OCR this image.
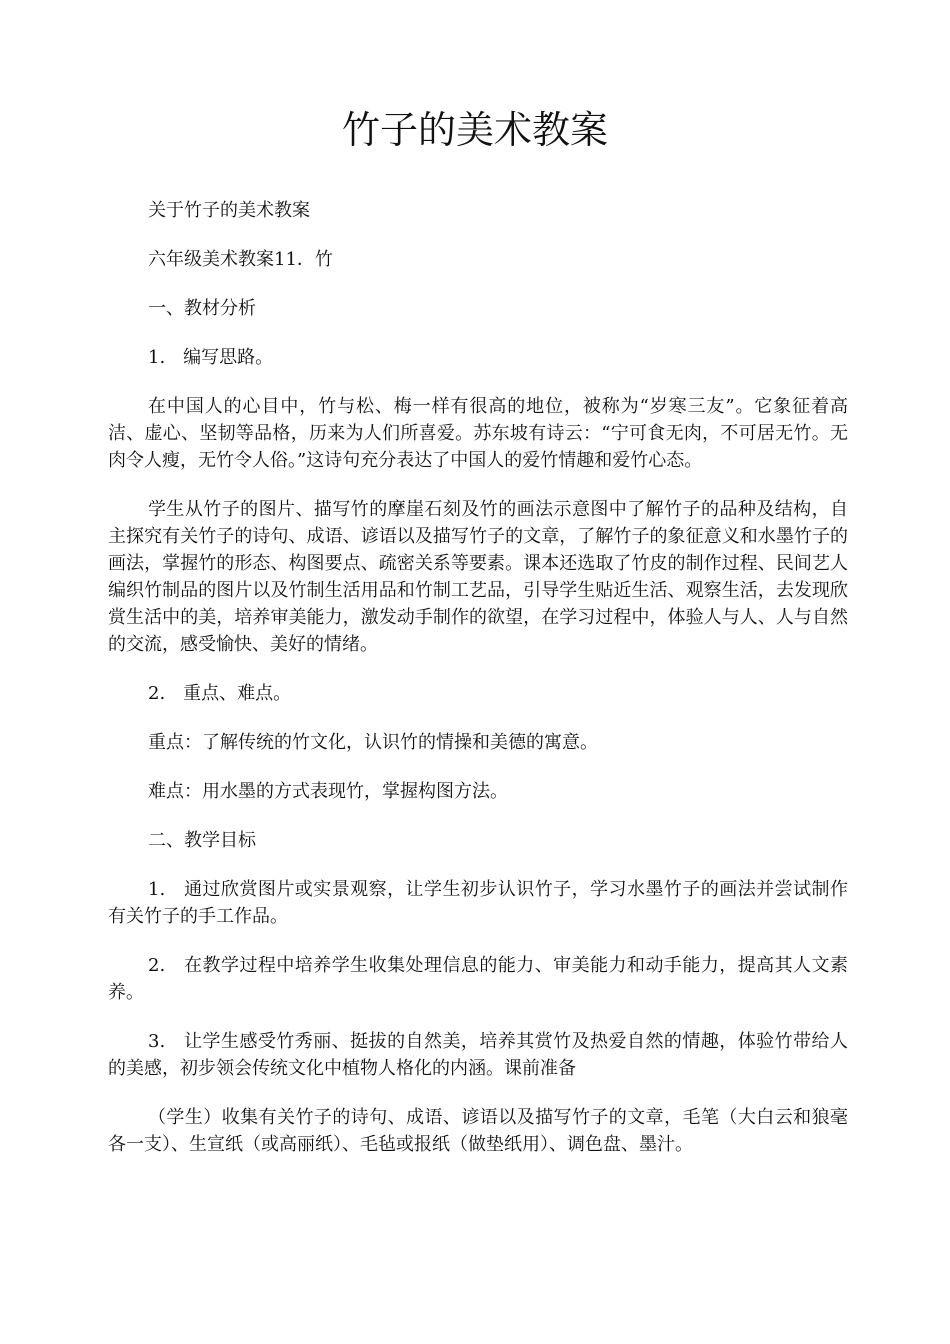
竹子的美术教案

关于竹子的美术教案

六年级美术教案11．竹

一、教材分析

1.　编写思路。

在中国人的心目中，竹与松、梅一样有很高的地位，被称为“岁寒三友”。它象征着高洁、虚心、坚韧等品格，历来为人们所喜爱。苏东坡有诗云：“宁可食无肉，不可居无竹。无肉令人瘦，无竹令人俗。”这诗句充分表达了中国人的爱竹情趣和爱竹心态。

学生从竹子的图片、描写竹的摩崖石刻及竹的画法示意图中了解竹子的品种及结构，自主探究有关竹子的诗句、成语、谚语以及描写竹子的文章，了解竹子的象征意义和水墨竹子的画法，掌握竹的形态、构图要点、疏密关系等要素。课本还选取了竹皮的制作过程、民间艺人编织竹制品的图片以及竹制生活用品和竹制工艺品，引导学生贴近生活、观察生活，去发现欣赏生活中的美，培养审美能力，激发动手制作的欲望，在学习过程中，体验人与人、人与自然的交流，感受愉快、美好的情绪。

2.　重点、难点。

重点：了解传统的竹文化，认识竹的情操和美德的寓意。

难点：用水墨的方式表现竹，掌握构图方法。

二、教学目标

1.　通过欣赏图片或实景观察，让学生初步认识竹子，学习水墨竹子的画法并尝试制作有关竹子的手工作品。

2.　在教学过程中培养学生收集处理信息的能力、审美能力和动手能力，提高其人文素养。

3.　让学生感受竹秀丽、挺拔的自然美，培养其赏竹及热爱自然的情趣，体验竹带给人的美感，初步领会传统文化中植物人格化的内涵。课前准备

（学生）收集有关竹子的诗句、成语、谚语以及描写竹子的文章，毛笔（大白云和狼毫各一支）、生宣纸（或高丽纸）、毛毡或报纸（做垫纸用）、调色盘、墨汁。
